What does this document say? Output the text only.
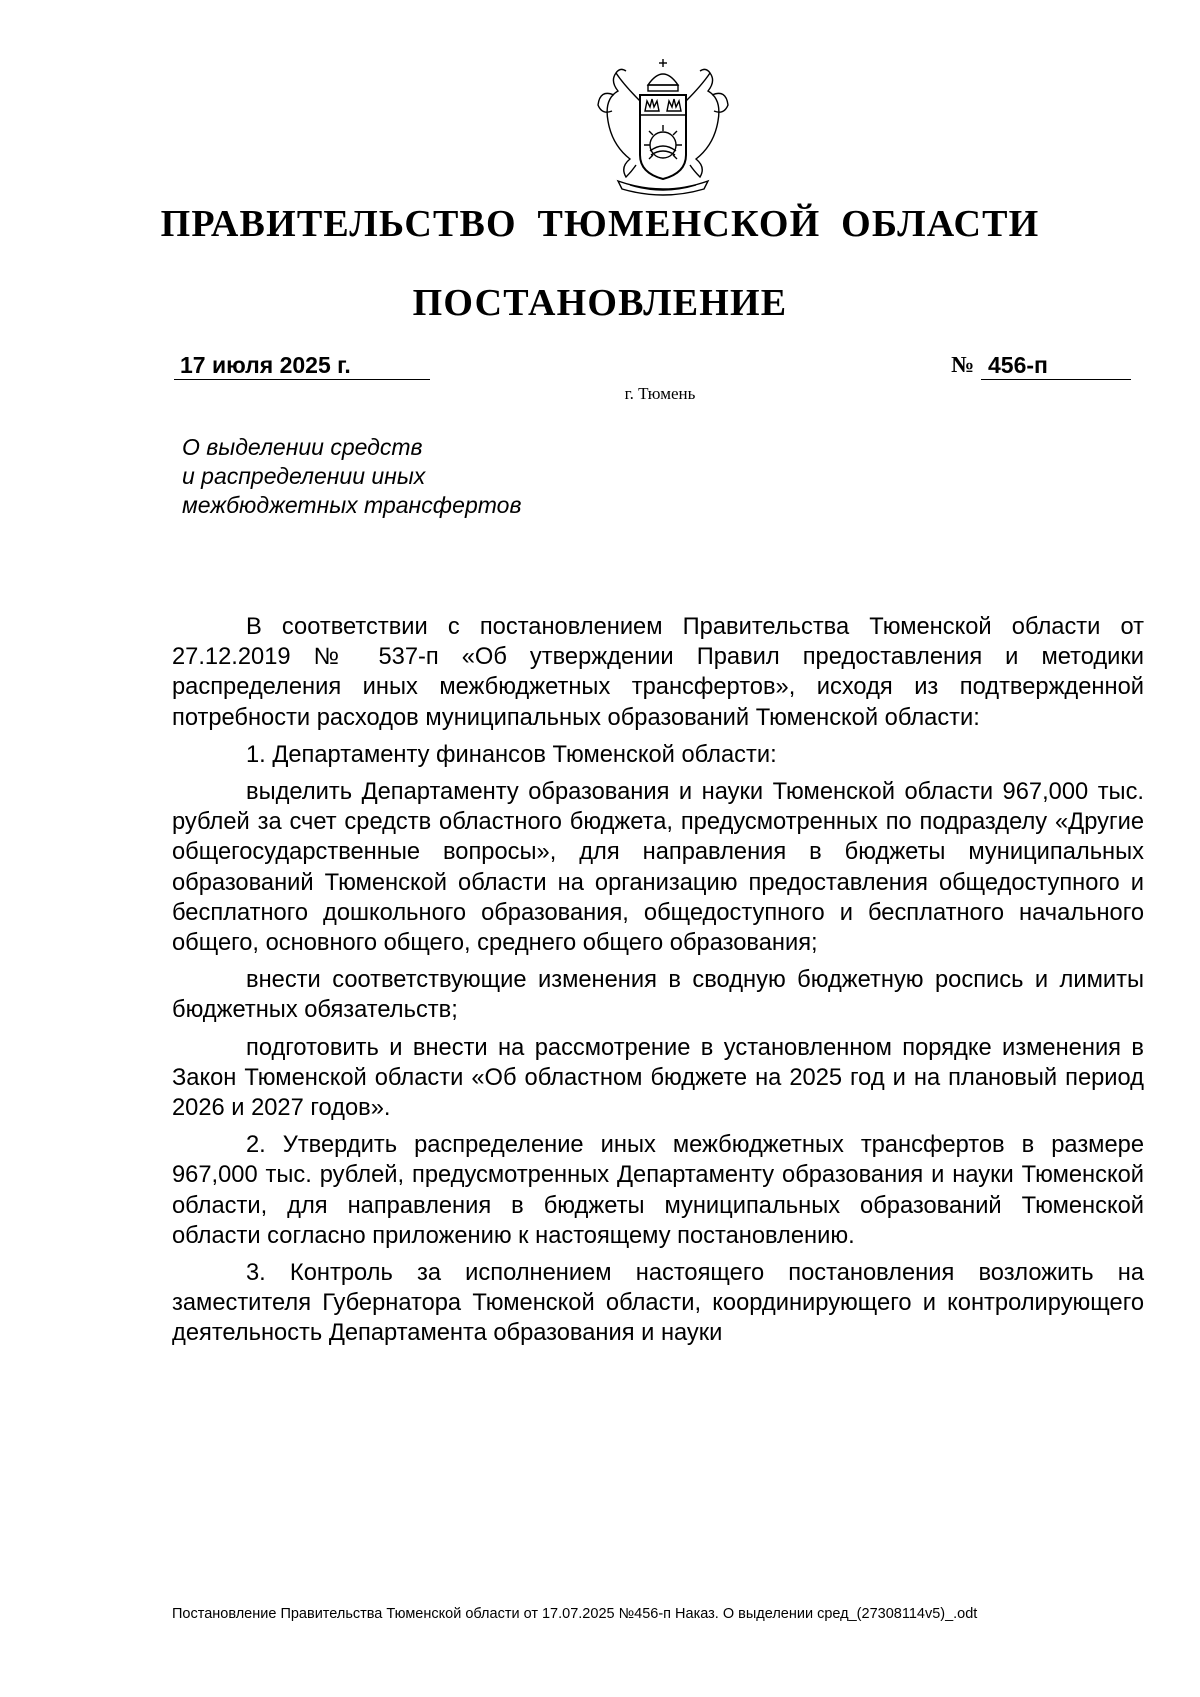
ПРАВИТЕЛЬСТВО ТЮМЕНСКОЙ ОБЛАСТИ
ПОСТАНОВЛЕНИЕ
17 июля 2025 г.	№ 456-п
г. Тюмень
О выделении средств
и распределении иных
межбюджетных трансфертов

В соответствии с постановлением Правительства Тюменской области от 27.12.2019 № 537-п «Об утверждении Правил предоставления и методики распределения иных межбюджетных трансфертов», исходя из подтвержденной потребности расходов муниципальных образований Тюменской области:

1. Департаменту финансов Тюменской области:

выделить Департаменту образования и науки Тюменской области 967,000 тыс. рублей за счет средств областного бюджета, предусмотренных по подразделу «Другие общегосударственные вопросы», для направления в бюджеты муниципальных образований Тюменской области на организацию предоставления общедоступного и бесплатного дошкольного образования, общедоступного и бесплатного начального общего, основного общего, среднего общего образования;

внести соответствующие изменения в сводную бюджетную роспись и лимиты бюджетных обязательств;

подготовить и внести на рассмотрение в установленном порядке изменения в Закон Тюменской области «Об областном бюджете на 2025 год и на плановый период 2026 и 2027 годов».

2. Утвердить распределение иных межбюджетных трансфертов в размере 967,000 тыс. рублей, предусмотренных Департаменту образования и науки Тюменской области, для направления в бюджеты муниципальных образований Тюменской области согласно приложению к настоящему постановлению.

3. Контроль за исполнением настоящего постановления возложить на заместителя Губернатора Тюменской области, координирующего и контролирующего деятельность Департамента образования и науки

Постановление Правительства Тюменской области от 17.07.2025 №456-п Наказ. О выделении сред_(27308114v5)_.odt
